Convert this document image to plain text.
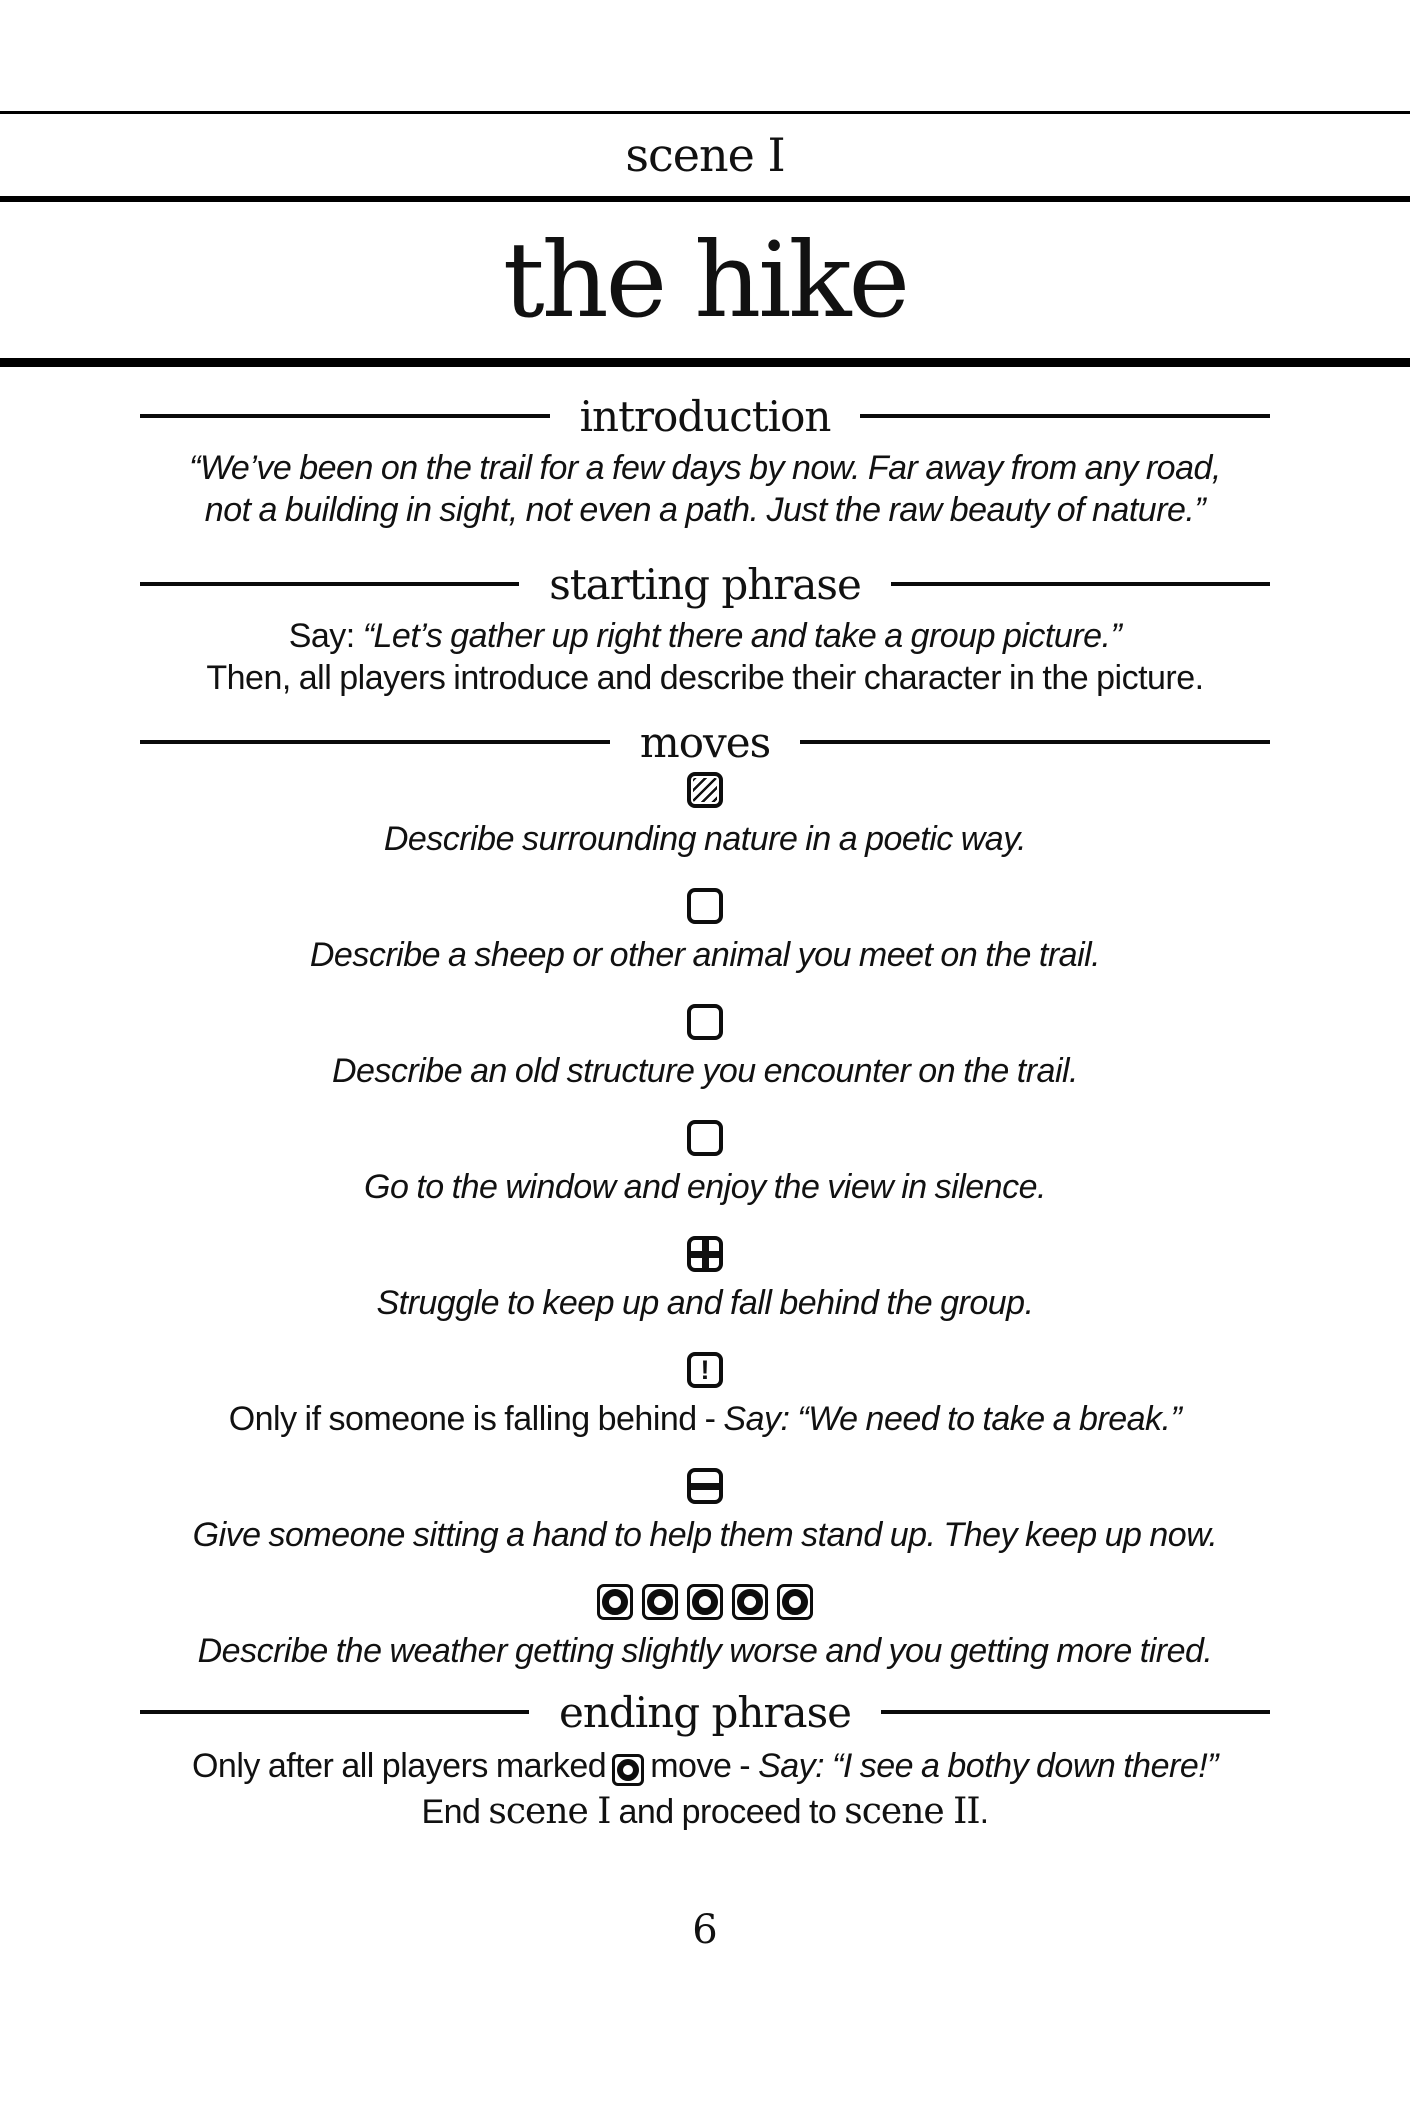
scene I
the hike
introduction
“We’ve been on the trail for a few days by now. Far away from any road,
not a building in sight, not even a path. Just the raw beauty of nature.”
starting phrase
Say: “Let’s gather up right there and take a group picture.”
Then, all players introduce and describe their character in the picture.
moves
Describe surrounding nature in a poetic way.
Describe a sheep or other animal you meet on the trail.
Describe an old structure you encounter on the trail.
Go to the window and enjoy the view in silence.
Struggle to keep up and fall behind the group.
!
Only if someone is falling behind - Say: “We need to take a break.”
Give someone sitting a hand to help them stand up. They keep up now.
Describe the weather getting slightly worse and you getting more tired.
ending phrase
Only after all players marked move - Say: “I see a bothy down there!”
End scene I and proceed to scene II.
6
